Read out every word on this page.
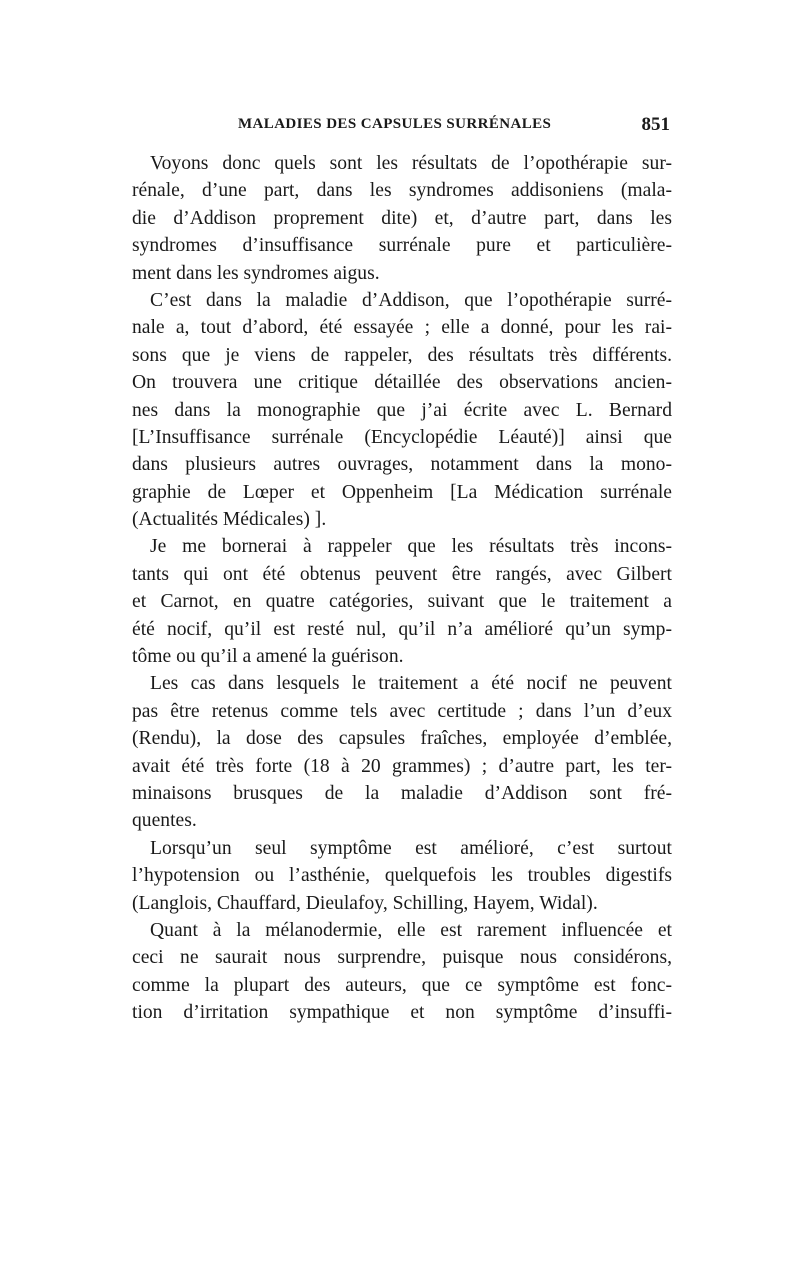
MALADIES DES CAPSULES SURRÉNALES	851
Voyons donc quels sont les résultats de l’opothérapie sur-
rénale, d’une part, dans les syndromes addisoniens (mala-
die d’Addison proprement dite) et, d’autre part, dans les
syndromes d’insuffisance surrénale pure et particulière-
ment dans les syndromes aigus.
C’est dans la maladie d’Addison, que l’opothérapie surré-
nale a, tout d’abord, été essayée ; elle a donné, pour les rai-
sons que je viens de rappeler, des résultats très différents.
On trouvera une critique détaillée des observations ancien-
nes dans la monographie que j’ai écrite avec L. Bernard
[L’Insuffisance surrénale (Encyclopédie Léauté)] ainsi que
dans plusieurs autres ouvrages, notamment dans la mono-
graphie de Lœper et Oppenheim [La Médication surrénale
(Actualités Médicales) ].
Je me bornerai à rappeler que les résultats très incons-
tants qui ont été obtenus peuvent être rangés, avec Gilbert
et Carnot, en quatre catégories, suivant que le traitement a
été nocif, qu’il est resté nul, qu’il n’a amélioré qu’un symp-
tôme ou qu’il a amené la guérison.
Les cas dans lesquels le traitement a été nocif ne peuvent
pas être retenus comme tels avec certitude ; dans l’un d’eux
(Rendu), la dose des capsules fraîches, employée d’emblée,
avait été très forte (18 à 20 grammes) ; d’autre part, les ter-
minaisons brusques de la maladie d’Addison sont fré-
quentes.
Lorsqu’un seul symptôme est amélioré, c’est surtout
l’hypotension ou l’asthénie, quelquefois les troubles digestifs
(Langlois, Chauffard, Dieulafoy, Schilling, Hayem, Widal).
Quant à la mélanodermie, elle est rarement influencée et
ceci ne saurait nous surprendre, puisque nous considérons,
comme la plupart des auteurs, que ce symptôme est fonc-
tion d’irritation sympathique et non symptôme d’insuffi-
